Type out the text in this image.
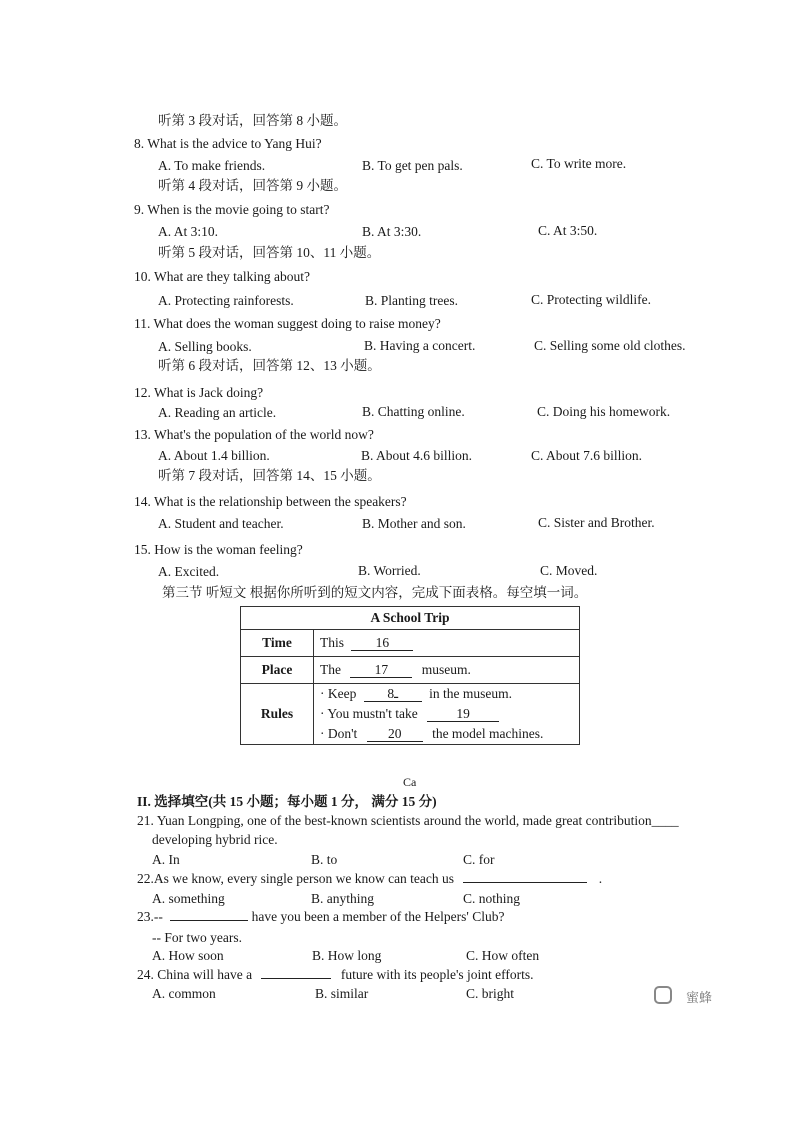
听第 3 段对话，回答第 8 小题。
8. What is the advice to Yang Hui?
A. To make friends.	B. To get pen pals.	C. To write more.
听第 4 段对话，回答第 9 小题。
9. When is the movie going to start?
A. At 3:10.	B. At 3:30.	C. At 3:50.
听第 5 段对话，回答第 10、11 小题。
10. What are they talking about?
A. Protecting rainforests.	B. Planting trees.	C. Protecting wildlife.
11. What does the woman suggest doing to raise money?
A. Selling books.	B. Having a concert.	C. Selling some old clothes.
听第 6 段对话，回答第 12、13 小题。
12. What is Jack doing?
A. Reading an article.	B. Chatting online.	C. Doing his homework.
13. What's the population of the world now?
A. About 1.4 billion.	B. About 4.6 billion.	C. About 7.6 billion.
听第 7 段对话，回答第 14、15 小题。
14. What is the relationship between the speakers?
A. Student and teacher.	B. Mother and son.	C. Sister and Brother.
15. How is the woman feeling?
A. Excited.	B. Worried.	C. Moved.
第三节 听短文 根据你所听到的短文内容，完成下面表格。每空填一词。
A School Trip	
Time	This 16
Place	The 17 museum.
Rules	· Keep ـ8 in the museum.
· You mustn't take 19
· Don't 20 the model machines.
Ca
II. 选择填空(共 15 小题；每小题 1 分， 满分 15 分)
21. Yuan Longping, one of the best-known scientists around the world, made great contribution____
developing hybrid rice.
A. In	B. to	C. for
22.As we know, every single person we know can teach us	.
A. something	B. anything	C. nothing
23.--	have you been a member of the Helpers' Club?
-- For two years.
A. How soon	B. How long	C. How often
24. China will have a	future with its people's joint efforts.
A. common	B. similar	C. bright	蜜蜂
